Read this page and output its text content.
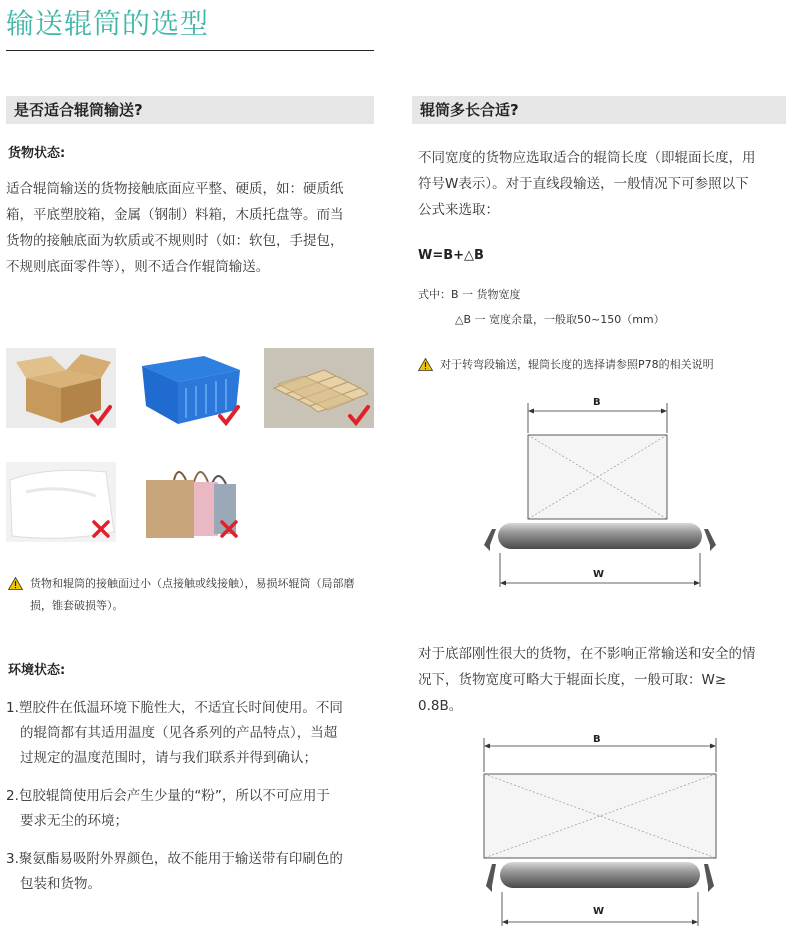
输送辊筒的选型
是否适合辊筒输送?
货物状态:
适合辊筒输送的货物接触底面应平整、硬质，如：硬质纸
箱，平底塑胶箱，金属（钢制）料箱，木质托盘等。而当
货物的接触底面为软质或不规则时（如：软包，手提包，
不规则底面零件等），则不适合作辊筒输送。
货物和辊筒的接触面过小（点接触或线接触），易损坏辊筒（局部磨
损，锥套破损等）。
环境状态:
1.塑胶件在低温环境下脆性大，不适宜长时间使用。不同
的辊筒都有其适用温度（见各系列的产品特点），当超
过规定的温度范围时，请与我们联系并得到确认；
2.包胶辊筒使用后会产生少量的“粉”，所以不可应用于
要求无尘的环境；
3.聚氨酯易吸附外界颜色，故不能用于输送带有印刷色的
包装和货物。
辊筒多长合适?
不同宽度的货物应选取适合的辊筒长度（即辊面长度，用
符号W表示）。对于直线段输送，一般情况下可参照以下
公式来选取：
W=B+△B
式中：B 一 货物宽度
△B 一 宽度余量，一般取50~150（mm）
对于转弯段输送，辊筒长度的选择请参照P78的相关说明
B
W
对于底部刚性很大的货物，在不影响正常输送和安全的情
况下，货物宽度可略大于辊面长度，一般可取：W≥
0.8B。
B
W
